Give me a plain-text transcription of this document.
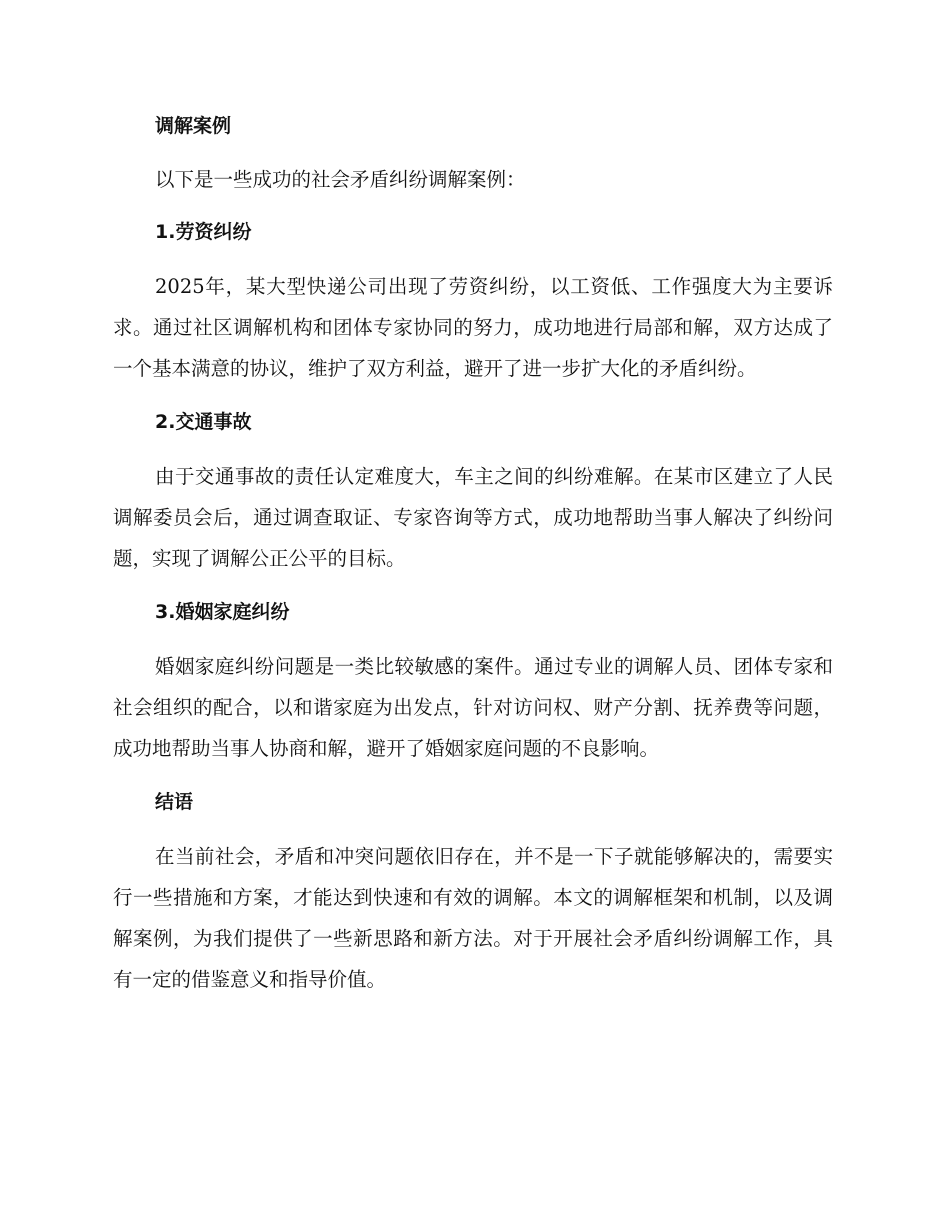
调解案例

以下是一些成功的社会矛盾纠纷调解案例：

1.劳资纠纷

2025年，某大型快递公司出现了劳资纠纷，以工资低、工作强度大为主要诉求。通过社区调解机构和团体专家协同的努力，成功地进行局部和解，双方达成了一个基本满意的协议，维护了双方利益，避开了进一步扩大化的矛盾纠纷。

2.交通事故

由于交通事故的责任认定难度大，车主之间的纠纷难解。在某市区建立了人民调解委员会后，通过调查取证、专家咨询等方式，成功地帮助当事人解决了纠纷问题，实现了调解公正公平的目标。

3.婚姻家庭纠纷

婚姻家庭纠纷问题是一类比较敏感的案件。通过专业的调解人员、团体专家和社会组织的配合，以和谐家庭为出发点，针对访问权、财产分割、抚养费等问题，成功地帮助当事人协商和解，避开了婚姻家庭问题的不良影响。

结语

在当前社会，矛盾和冲突问题依旧存在，并不是一下子就能够解决的，需要实行一些措施和方案，才能达到快速和有效的调解。本文的调解框架和机制，以及调解案例，为我们提供了一些新思路和新方法。对于开展社会矛盾纠纷调解工作，具有一定的借鉴意义和指导价值。
